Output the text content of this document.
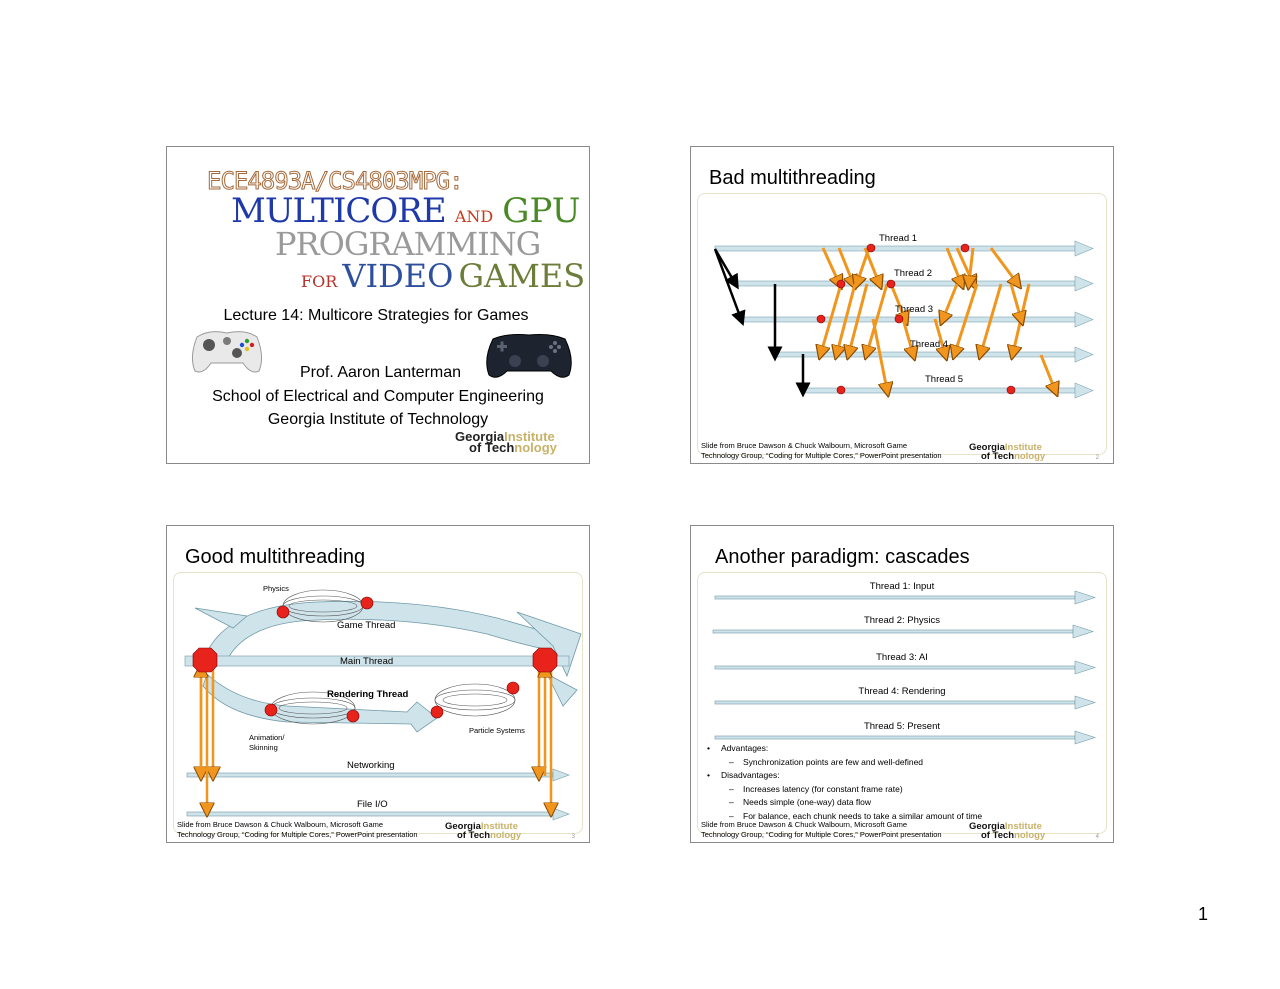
ECE4893A/CS4803MPG:
MULTICORE AND GPU
PROGRAMMING
FOR VIDEO GAMES
Lecture 14: Multicore Strategies for Games
Prof. Aaron Lanterman
School of Electrical and Computer Engineering
Georgia Institute of Technology
GeorgiaInstitute
of Technology
Bad multithreading
Thread 1
Thread 2
Thread 3
Thread 4
Thread 5
Slide from Bruce Dawson & Chuck Walbourn, Microsoft Game
Technology Group, “Coding for Multiple Cores,” PowerPoint presentation
GeorgiaInstitute
of Technology	2
Good multithreading
Physics
Game Thread
Main Thread
Rendering Thread
Animation/
Skinning
Particle Systems
Networking
File I/O
Slide from Bruce Dawson & Chuck Walbourn, Microsoft Game
Technology Group, “Coding for Multiple Cores,” PowerPoint presentation
GeorgiaInstitute
of Technology	3
Another paradigm: cascades
Thread 1: Input
Thread 2: Physics
Thread 3: AI
Thread 4: Rendering
Thread 5: Present
• Advantages:
– Synchronization points are few and well-defined
• Disadvantages:
– Increases latency (for constant frame rate)
– Needs simple (one-way) data flow
– For balance, each chunk needs to take a similar amount of time
Slide from Bruce Dawson & Chuck Walbourn, Microsoft Game
Technology Group, “Coding for Multiple Cores,” PowerPoint presentation
GeorgiaInstitute
of Technology	4
1
